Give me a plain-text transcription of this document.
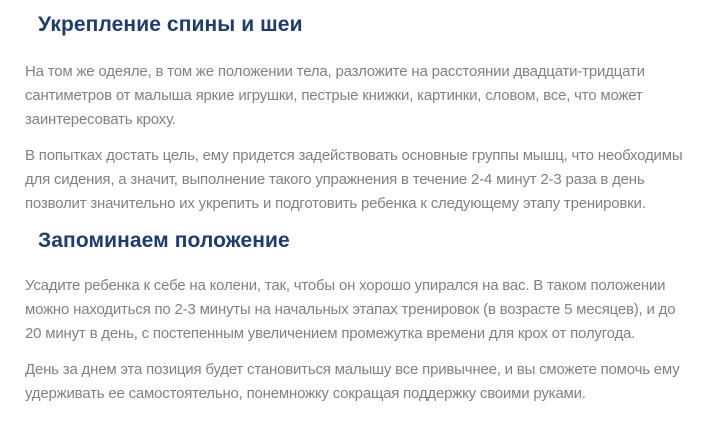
Укрепление спины и шеи

На том же одеяле, в том же положении тела, разложите на расстоянии двадцати-тридцати сантиметров от малыша яркие игрушки, пестрые книжки, картинки, словом, все, что может заинтересовать кроху.

В попытках достать цель, ему придется задействовать основные группы мышц, что необходимы для сидения, а значит, выполнение такого упражнения в течение 2-4 минут 2-3 раза в день позволит значительно их укрепить и подготовить ребенка к следующему этапу тренировки.

Запоминаем положение

Усадите ребенка к себе на колени, так, чтобы он хорошо упирался на вас. В таком положении можно находиться по 2-3 минуты на начальных этапах тренировок (в возрасте 5 месяцев), и до 20 минут в день, с постепенным увеличением промежутка времени для крох от полугода.

День за днем эта позиция будет становиться малышу все привычнее, и вы сможете помочь ему удерживать ее самостоятельно, понемножку сокращая поддержку своими руками.
